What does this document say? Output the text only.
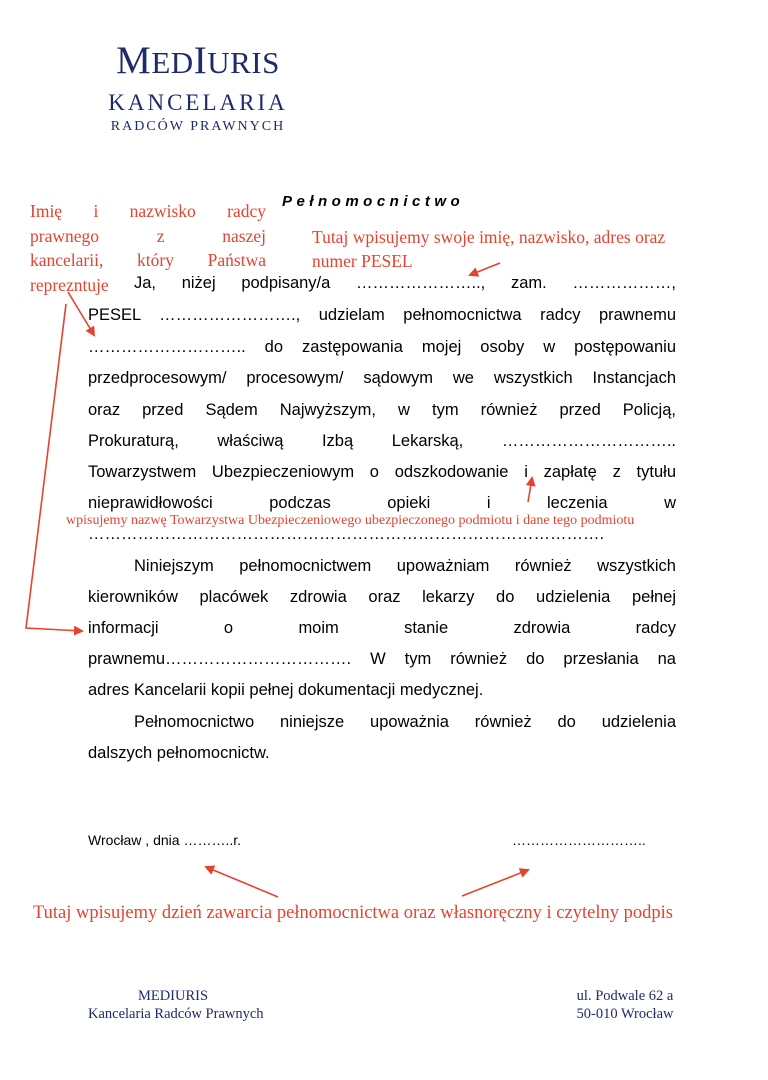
MEDIURIS
KANCELARIA
RADCÓW PRAWNYCH
Pełnomocnictwo
Imię i nazwisko radcy
prawnego z naszej
kancelarii, który Państwa
reprezntuje
Tutaj wpisujemy swoje imię, nazwisko, adres oraz numer PESEL
Ja, niżej podpisany/a ………………….., zam. ………………,
PESEL ……………………., udzielam pełnomocnictwa radcy prawnemu
……………………….. do zastępowania mojej osoby w postępowaniu
przedprocesowym/ procesowym/ sądowym we wszystkich Instancjach
oraz przed Sądem Najwyższym, w tym również przed Policją,
Prokuraturą, właściwą Izbą Lekarską, …………………………..
Towarzystwem Ubezpieczeniowym o odszkodowanie i zapłatę z tytułu
nieprawidłowości podczas opieki i leczenia w
………………………………………………………………………………….
Niniejszym pełnomocnictwem upoważniam również wszystkich
kierowników placówek zdrowia oraz lekarzy do udzielenia pełnej
informacji o moim stanie zdrowia radcy
prawnemu……………………………. W tym również do przesłania na
adres Kancelarii kopii pełnej dokumentacji medycznej.
Pełnomocnictwo niniejsze upoważnia również do udzielenia
dalszych pełnomocnictw.
wpisujemy nazwę Towarzystwa Ubezpieczeniowego ubezpieczonego podmiotu i dane tego podmiotu
Wrocław , dnia ………..r.	………………………..
Tutaj wpisujemy dzień zawarcia pełnomocnictwa oraz własnoręczny i czytelny podpis
MEDIURIS
Kancelaria Radców Prawnych
ul. Podwale 62 a
50-010 Wrocław
